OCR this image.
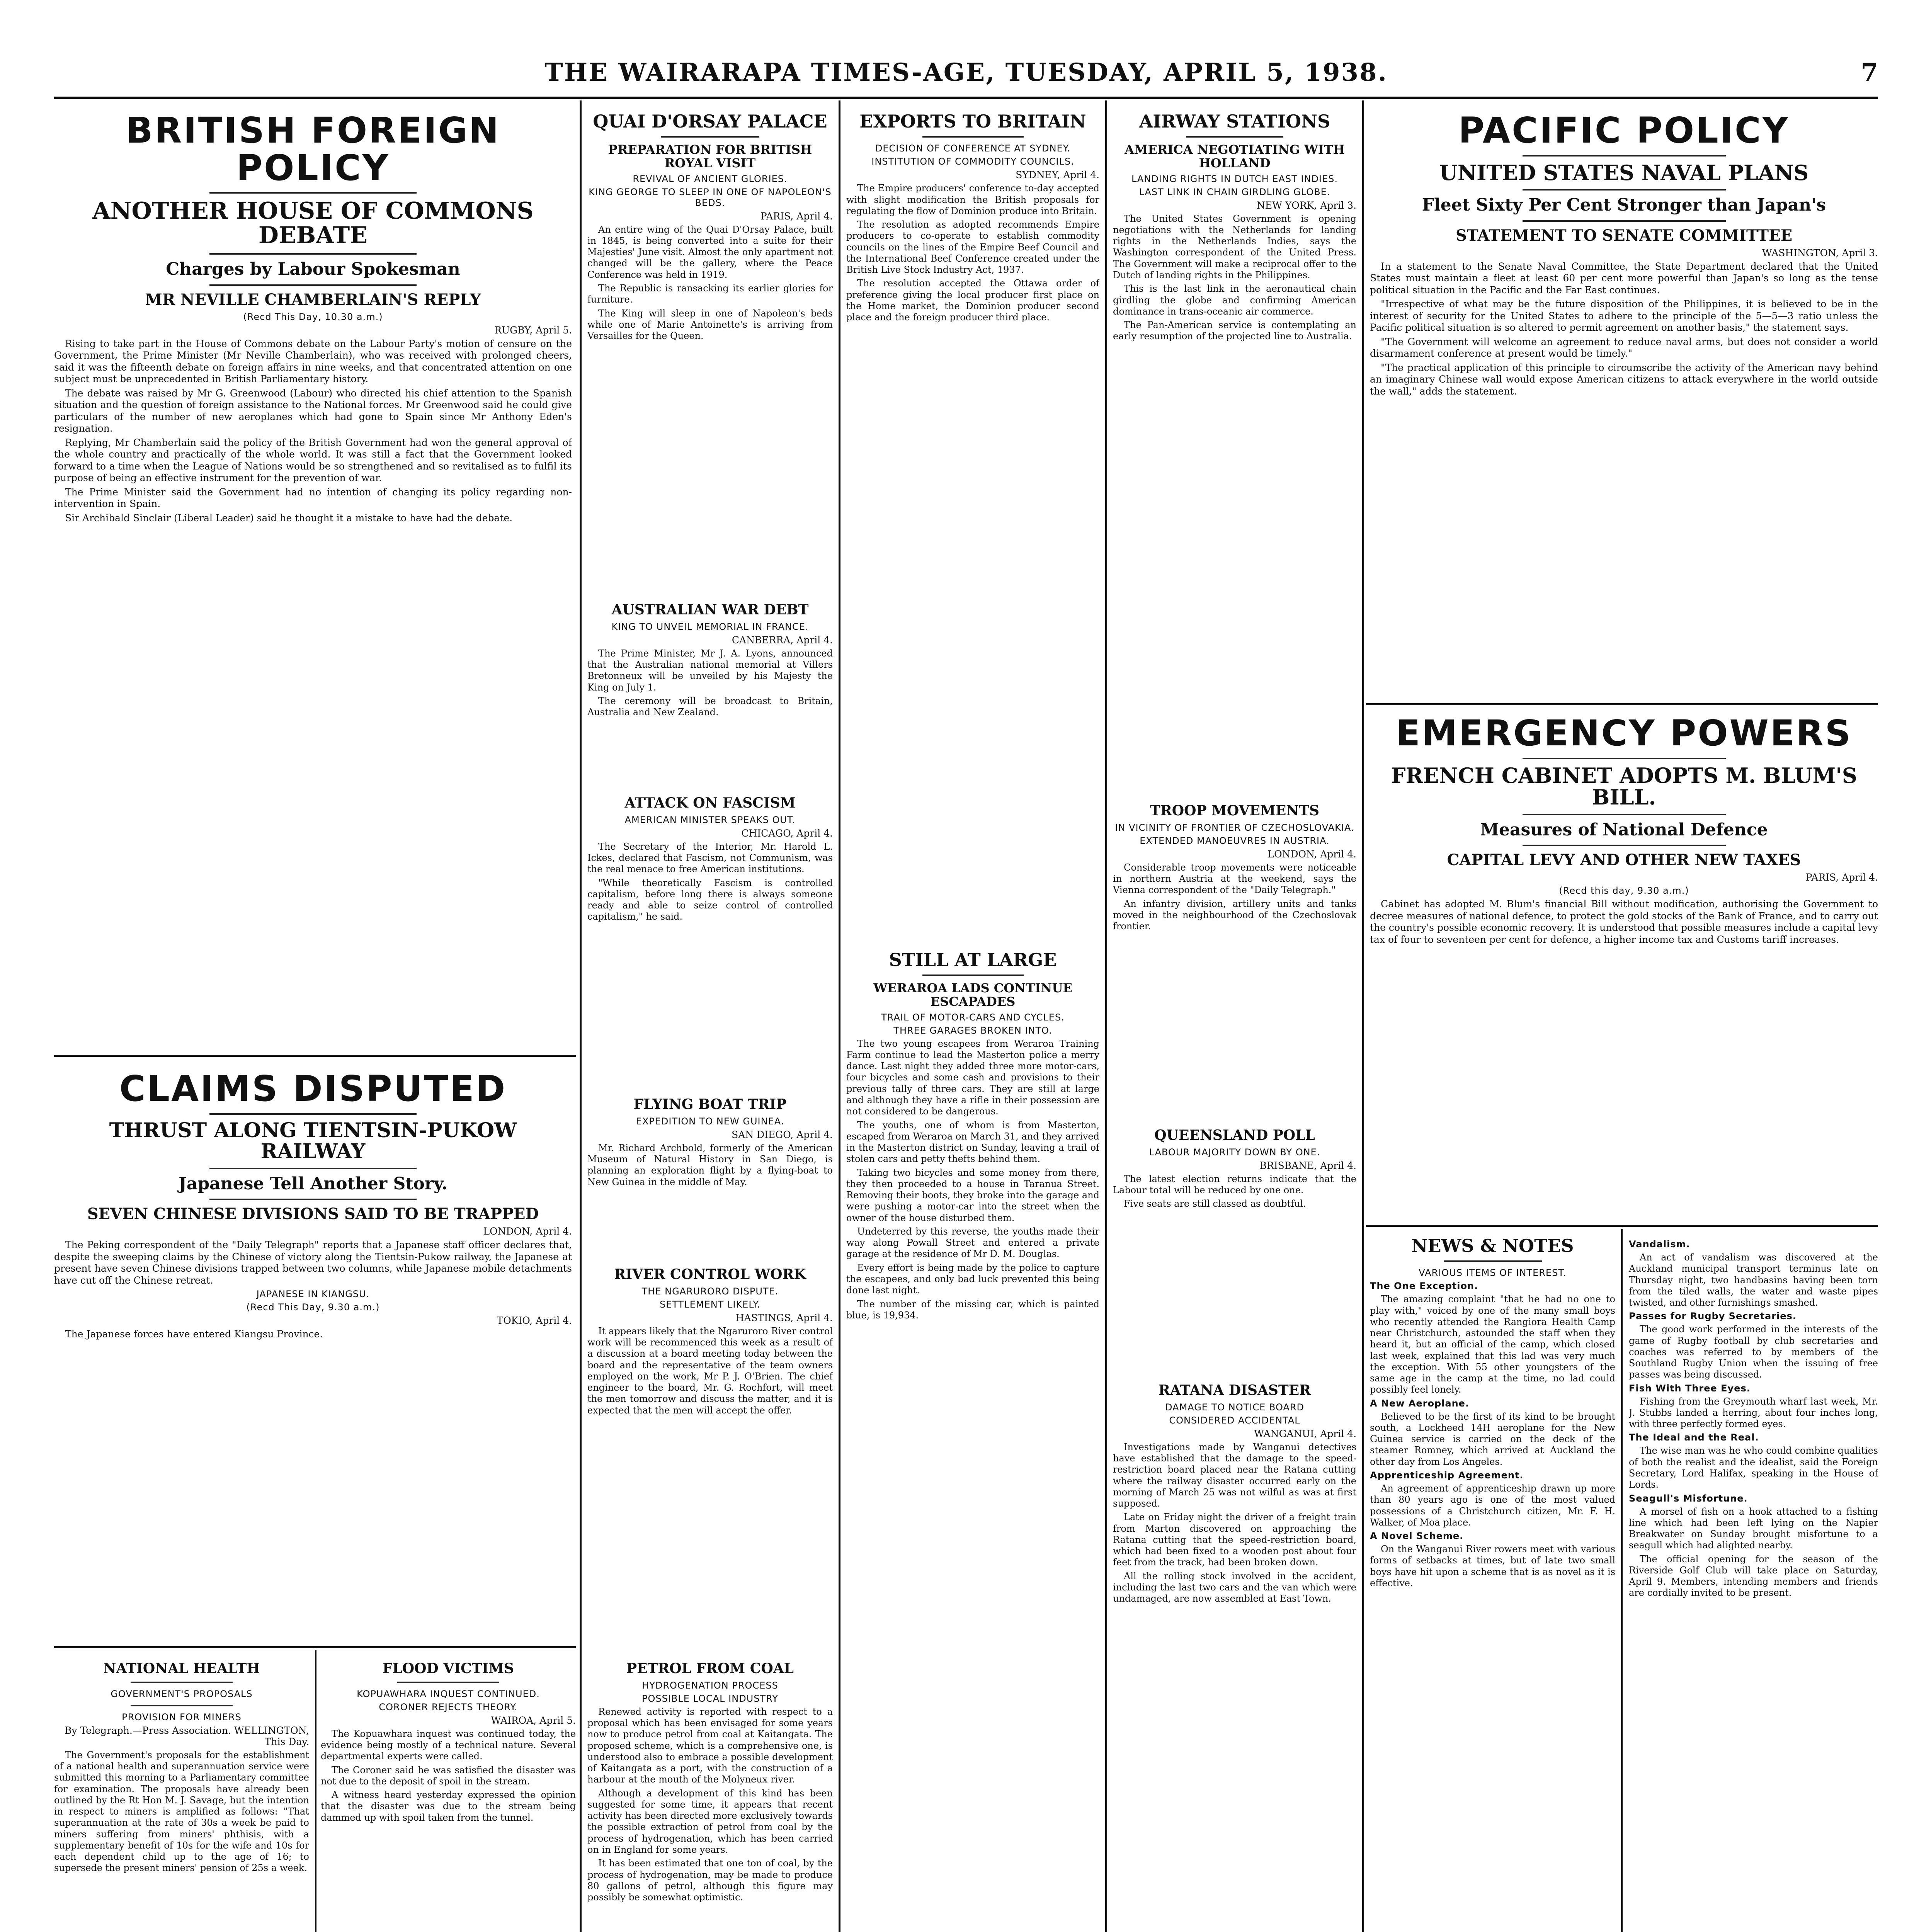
THE WAIRARAPA TIMES-AGE, TUESDAY, APRIL 5, 1938.	7
BRITISH FOREIGN POLICY
ANOTHER HOUSE OF COMMONS DEBATE
Charges by Labour Spokesman
MR NEVILLE CHAMBERLAIN'S REPLY
(Recd This Day, 10.30 a.m.)
RUGBY, April 5.

Rising to take part in the House of Commons debate on the Labour Party's motion of censure on the Government, the Prime Minister (Mr Neville Chamberlain), who was received with prolonged cheers, said it was the fifteenth debate on foreign affairs in nine weeks, and that concentrated attention on one subject must be unprecedented in British Parliamentary history.

The debate was raised by Mr G. Greenwood (Labour) who directed his chief attention to the Spanish situation and the question of foreign assistance to the National forces. Mr Greenwood said he could give particulars of the number of new aeroplanes which had gone to Spain since Mr Anthony Eden's resignation.

Replying, Mr Chamberlain said the policy of the British Government had won the general approval of the whole country and practically of the whole world. It was still a fact that the Government looked forward to a time when the League of Nations would be so strengthened and so revitalised as to fulfil its purpose of being an effective instrument for the prevention of war.

The Prime Minister said the Government had no intention of changing its policy regarding non-intervention in Spain.

Sir Archibald Sinclair (Liberal Leader) said he thought it a mistake to have had the debate.

CLAIMS DISPUTED
THRUST ALONG TIENTSIN-PUKOW RAILWAY
Japanese Tell Another Story.
SEVEN CHINESE DIVISIONS SAID TO BE TRAPPED
LONDON, April 4.

The Peking correspondent of the "Daily Telegraph" reports that a Japanese staff officer declares that, despite the sweeping claims by the Chinese of victory along the Tientsin-Pukow railway, the Japanese at present have seven Chinese divisions trapped between two columns, while Japanese mobile detachments have cut off the Chinese retreat.

JAPANESE IN KIANGSU.
(Recd This Day, 9.30 a.m.)
TOKIO, April 4.

The Japanese forces have entered Kiangsu Province.

NATIONAL HEALTH
GOVERNMENT'S PROPOSALS
PROVISION FOR MINERS
By Telegraph.—Press Association. WELLINGTON, This Day.

The Government's proposals for the establishment of a national health and superannuation service were submitted this morning to a Parliamentary committee for examination. The proposals have already been outlined by the Rt Hon M. J. Savage, but the intention in respect to miners is amplified as follows: "That superannuation at the rate of 30s a week be paid to miners suffering from miners' phthisis, with a supplementary benefit of 10s for the wife and 10s for each dependent child up to the age of 16; to supersede the present miners' pension of 25s a week.

FLOOD VICTIMS
KOPUAWHARA INQUEST CONTINUED.
CORONER REJECTS THEORY.
WAIROA, April 5.

The Kopuawhara inquest was continued today, the evidence being mostly of a technical nature. Several departmental experts were called.

The Coroner said he was satisfied the disaster was not due to the deposit of spoil in the stream.

A witness heard yesterday expressed the opinion that the disaster was due to the stream being dammed up with spoil taken from the tunnel.

QUAI D'ORSAY PALACE
PREPARATION FOR BRITISH ROYAL VISIT
REVIVAL OF ANCIENT GLORIES.
KING GEORGE TO SLEEP IN ONE OF NAPOLEON'S BEDS.
PARIS, April 4.

An entire wing of the Quai D'Orsay Palace, built in 1845, is being converted into a suite for their Majesties' June visit. Almost the only apartment not changed will be the gallery, where the Peace Conference was held in 1919.

The Republic is ransacking its earlier glories for furniture.

The King will sleep in one of Napoleon's beds while one of Marie Antoinette's is arriving from Versailles for the Queen.

AUSTRALIAN WAR DEBT
KING TO UNVEIL MEMORIAL IN FRANCE.
CANBERRA, April 4.

The Prime Minister, Mr J. A. Lyons, announced that the Australian national memorial at Villers Bretonneux will be unveiled by his Majesty the King on July 1.

The ceremony will be broadcast to Britain, Australia and New Zealand.

ATTACK ON FASCISM
AMERICAN MINISTER SPEAKS OUT.
CHICAGO, April 4.

The Secretary of the Interior, Mr. Harold L. Ickes, declared that Fascism, not Communism, was the real menace to free American institutions.

"While theoretically Fascism is controlled capitalism, before long there is always someone ready and able to seize control of controlled capitalism," he said.

FLYING BOAT TRIP
EXPEDITION TO NEW GUINEA.
SAN DIEGO, April 4.

Mr. Richard Archbold, formerly of the American Museum of Natural History in San Diego, is planning an exploration flight by a flying-boat to New Guinea in the middle of May.

RIVER CONTROL WORK
THE NGARURORO DISPUTE.
SETTLEMENT LIKELY.
HASTINGS, April 4.

It appears likely that the Ngaruroro River control work will be recommenced this week as a result of a discussion at a board meeting today between the board and the representative of the team owners employed on the work, Mr P. J. O'Brien. The chief engineer to the board, Mr. G. Rochfort, will meet the men tomorrow and discuss the matter, and it is expected that the men will accept the offer.

PETROL FROM COAL
HYDROGENATION PROCESS
POSSIBLE LOCAL INDUSTRY

Renewed activity is reported with respect to a proposal which has been envisaged for some years now to produce petrol from coal at Kaitangata. The proposed scheme, which is a comprehensive one, is understood also to embrace a possible development of Kaitangata as a port, with the construction of a harbour at the mouth of the Molyneux river.

Although a development of this kind has been suggested for some time, it appears that recent activity has been directed more exclusively towards the possible extraction of petrol from coal by the process of hydrogenation, which has been carried on in England for some years.

It has been estimated that one ton of coal, by the process of hydrogenation, may be made to produce 80 gallons of petrol, although this figure may possibly be somewhat optimistic.

EXPORTS TO BRITAIN
DECISION OF CONFERENCE AT SYDNEY.
INSTITUTION OF COMMODITY COUNCILS.
SYDNEY, April 4.

The Empire producers' conference to-day accepted with slight modification the British proposals for regulating the flow of Dominion produce into Britain.

The resolution as adopted recommends Empire producers to co-operate to establish commodity councils on the lines of the Empire Beef Council and the International Beef Conference created under the British Live Stock Industry Act, 1937.

The resolution accepted the Ottawa order of preference giving the local producer first place on the Home market, the Dominion producer second place and the foreign producer third place.

STILL AT LARGE
WERAROA LADS CONTINUE ESCAPADES
TRAIL OF MOTOR-CARS AND CYCLES.
THREE GARAGES BROKEN INTO.

The two young escapees from Weraroa Training Farm continue to lead the Masterton police a merry dance. Last night they added three more motor-cars, four bicycles and some cash and provisions to their previous tally of three cars. They are still at large and although they have a rifle in their possession are not considered to be dangerous.

The youths, one of whom is from Masterton, escaped from Weraroa on March 31, and they arrived in the Masterton district on Sunday, leaving a trail of stolen cars and petty thefts behind them.

Taking two bicycles and some money from there, they then proceeded to a house in Taranua Street. Removing their boots, they broke into the garage and were pushing a motor-car into the street when the owner of the house disturbed them.

Undeterred by this reverse, the youths made their way along Powall Street and entered a private garage at the residence of Mr D. M. Douglas.

Every effort is being made by the police to capture the escapees, and only bad luck prevented this being done last night.

The number of the missing car, which is painted blue, is 19,934.

AIRWAY STATIONS
AMERICA NEGOTIATING WITH HOLLAND
LANDING RIGHTS IN DUTCH EAST INDIES.
LAST LINK IN CHAIN GIRDLING GLOBE.
NEW YORK, April 3.

The United States Government is opening negotiations with the Netherlands for landing rights in the Netherlands Indies, says the Washington correspondent of the United Press. The Government will make a reciprocal offer to the Dutch of landing rights in the Philippines.

This is the last link in the aeronautical chain girdling the globe and confirming American dominance in trans-oceanic air commerce.

The Pan-American service is contemplating an early resumption of the projected line to Australia.

TROOP MOVEMENTS
IN VICINITY OF FRONTIER OF CZECHOSLOVAKIA.
EXTENDED MANOEUVRES IN AUSTRIA.
LONDON, April 4.

Considerable troop movements were noticeable in northern Austria at the weekend, says the Vienna correspondent of the "Daily Telegraph."

An infantry division, artillery units and tanks moved in the neighbourhood of the Czechoslovak frontier.

QUEENSLAND POLL
LABOUR MAJORITY DOWN BY ONE.
BRISBANE, April 4.

The latest election returns indicate that the Labour total will be reduced by one one.

Five seats are still classed as doubtful.

RATANA DISASTER
DAMAGE TO NOTICE BOARD
CONSIDERED ACCIDENTAL
WANGANUI, April 4.

Investigations made by Wanganui detectives have established that the damage to the speed-restriction board placed near the Ratana cutting where the railway disaster occurred early on the morning of March 25 was not wilful as was at first supposed.

Late on Friday night the driver of a freight train from Marton discovered on approaching the Ratana cutting that the speed-restriction board, which had been fixed to a wooden post about four feet from the track, had been broken down.

All the rolling stock involved in the accident, including the last two cars and the van which were undamaged, are now assembled at East Town.

PACIFIC POLICY
UNITED STATES NAVAL PLANS
Fleet Sixty Per Cent Stronger than Japan's
STATEMENT TO SENATE COMMITTEE
WASHINGTON, April 3.

In a statement to the Senate Naval Committee, the State Department declared that the United States must maintain a fleet at least 60 per cent more powerful than Japan's so long as the tense political situation in the Pacific and the Far East continues.

"Irrespective of what may be the future disposition of the Philippines, it is believed to be in the interest of security for the United States to adhere to the principle of the 5—5—3 ratio unless the Pacific political situation is so altered to permit agreement on another basis," the statement says.

"The Government will welcome an agreement to reduce naval arms, but does not consider a world disarmament conference at present would be timely."

"The practical application of this principle to circumscribe the activity of the American navy behind an imaginary Chinese wall would expose American citizens to attack everywhere in the world outside the wall," adds the statement.

EMERGENCY POWERS
FRENCH CABINET ADOPTS M. BLUM'S BILL.
Measures of National Defence
CAPITAL LEVY AND OTHER NEW TAXES
PARIS, April 4.
(Recd this day, 9.30 a.m.)

Cabinet has adopted M. Blum's financial Bill without modification, authorising the Government to decree measures of national defence, to protect the gold stocks of the Bank of France, and to carry out the country's possible economic recovery. It is understood that possible measures include a capital levy tax of four to seventeen per cent for defence, a higher income tax and Customs tariff increases.

NEWS & NOTES
VARIOUS ITEMS OF INTEREST.
The One Exception.

The amazing complaint "that he had no one to play with," voiced by one of the many small boys who recently attended the Rangiora Health Camp near Christchurch, astounded the staff when they heard it, but an official of the camp, which closed last week, explained that this lad was very much the exception. With 55 other youngsters of the same age in the camp at the time, no lad could possibly feel lonely.

A New Aeroplane.

Believed to be the first of its kind to be brought south, a Lockheed 14H aeroplane for the New Guinea service is carried on the deck of the steamer Romney, which arrived at Auckland the other day from Los Angeles.

Apprenticeship Agreement.

An agreement of apprenticeship drawn up more than 80 years ago is one of the most valued possessions of a Christchurch citizen, Mr. F. H. Walker, of Moa place.

A Novel Scheme.

On the Wanganui River rowers meet with various forms of setbacks at times, but of late two small boys have hit upon a scheme that is as novel as it is effective.

Vandalism.

An act of vandalism was discovered at the Auckland municipal transport terminus late on Thursday night, two handbasins having been torn from the tiled walls, the water and waste pipes twisted, and other furnishings smashed.

Passes for Rugby Secretaries.

The good work performed in the interests of the game of Rugby football by club secretaries and coaches was referred to by members of the Southland Rugby Union when the issuing of free passes was being discussed.

Fish With Three Eyes.

Fishing from the Greymouth wharf last week, Mr. J. Stubbs landed a herring, about four inches long, with three perfectly formed eyes.

The Ideal and the Real.

The wise man was he who could combine qualities of both the realist and the idealist, said the Foreign Secretary, Lord Halifax, speaking in the House of Lords.

Seagull's Misfortune.

A morsel of fish on a hook attached to a fishing line which had been left lying on the Napier Breakwater on Sunday brought misfortune to a seagull which had alighted nearby.

The official opening for the season of the Riverside Golf Club will take place on Saturday, April 9. Members, intending members and friends are cordially invited to be present.
